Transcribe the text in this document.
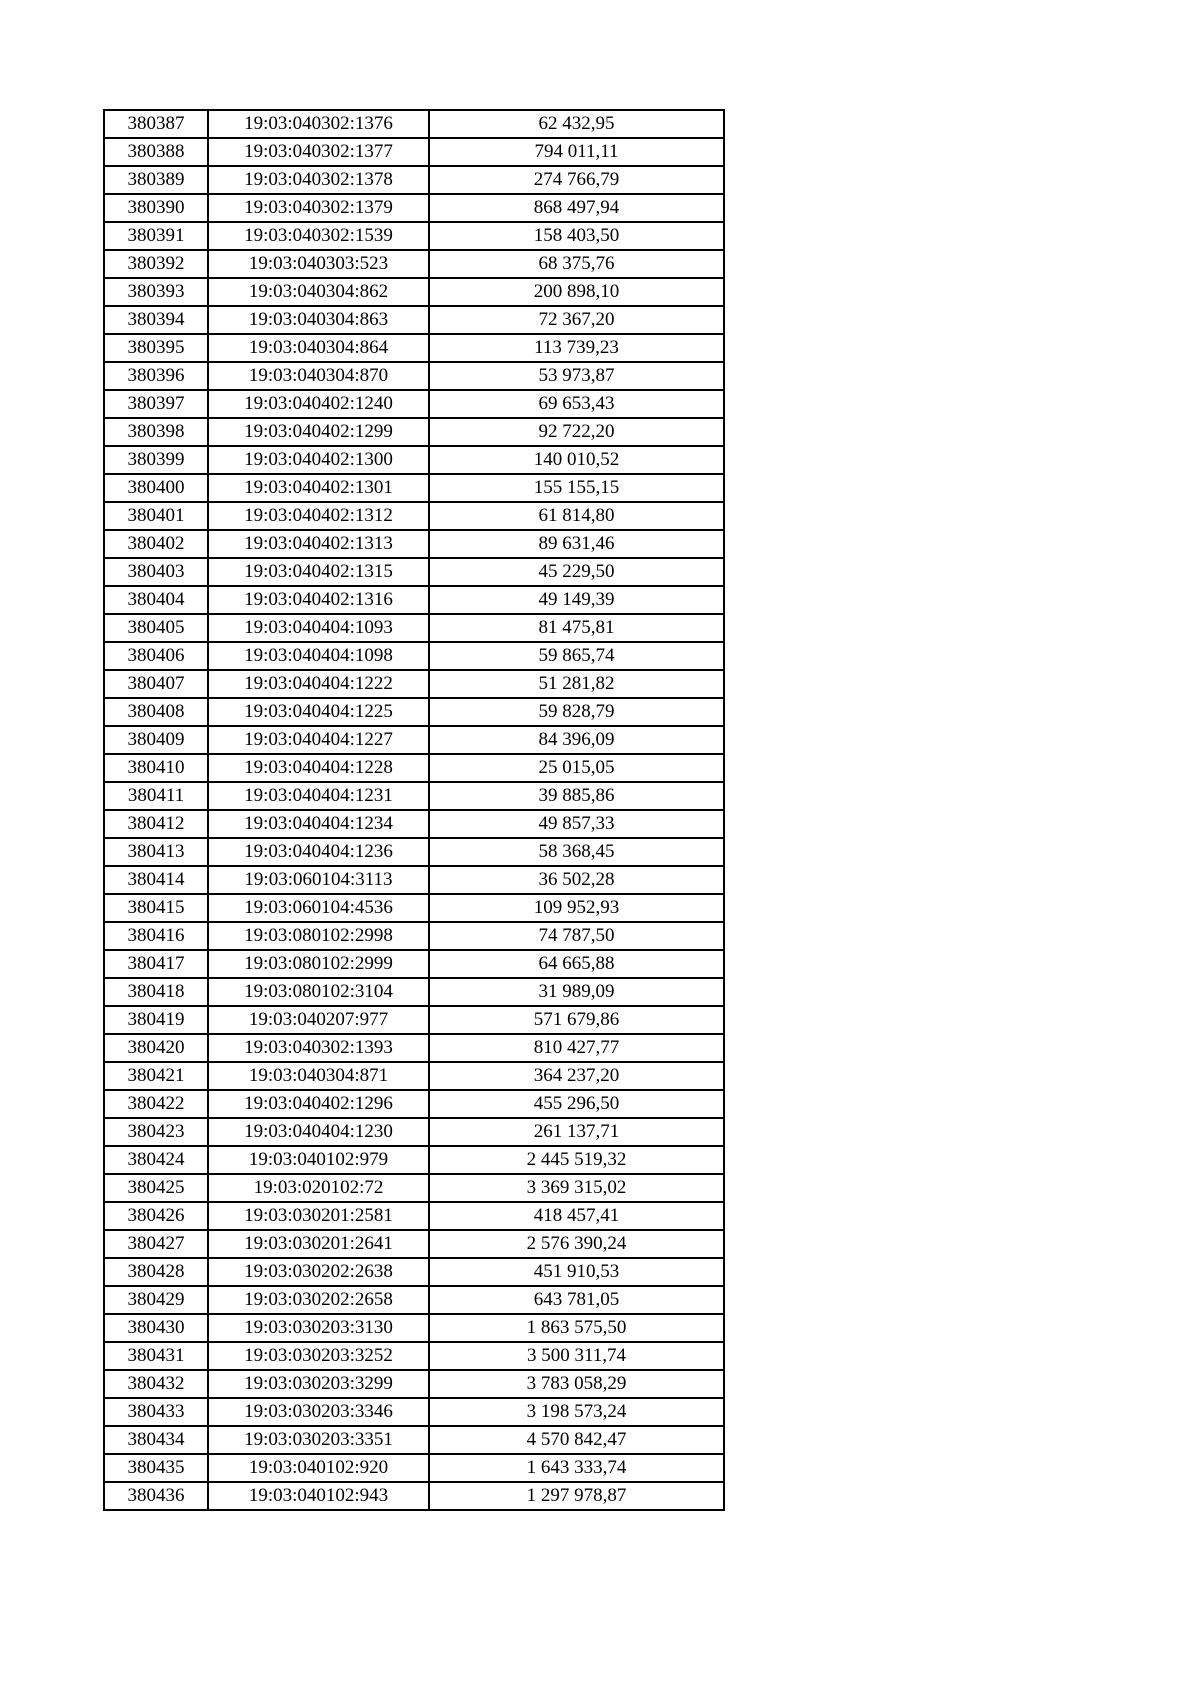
380387	19:03:040302:1376	62 432,95
380388	19:03:040302:1377	794 011,11
380389	19:03:040302:1378	274 766,79
380390	19:03:040302:1379	868 497,94
380391	19:03:040302:1539	158 403,50
380392	19:03:040303:523	68 375,76
380393	19:03:040304:862	200 898,10
380394	19:03:040304:863	72 367,20
380395	19:03:040304:864	113 739,23
380396	19:03:040304:870	53 973,87
380397	19:03:040402:1240	69 653,43
380398	19:03:040402:1299	92 722,20
380399	19:03:040402:1300	140 010,52
380400	19:03:040402:1301	155 155,15
380401	19:03:040402:1312	61 814,80
380402	19:03:040402:1313	89 631,46
380403	19:03:040402:1315	45 229,50
380404	19:03:040402:1316	49 149,39
380405	19:03:040404:1093	81 475,81
380406	19:03:040404:1098	59 865,74
380407	19:03:040404:1222	51 281,82
380408	19:03:040404:1225	59 828,79
380409	19:03:040404:1227	84 396,09
380410	19:03:040404:1228	25 015,05
380411	19:03:040404:1231	39 885,86
380412	19:03:040404:1234	49 857,33
380413	19:03:040404:1236	58 368,45
380414	19:03:060104:3113	36 502,28
380415	19:03:060104:4536	109 952,93
380416	19:03:080102:2998	74 787,50
380417	19:03:080102:2999	64 665,88
380418	19:03:080102:3104	31 989,09
380419	19:03:040207:977	571 679,86
380420	19:03:040302:1393	810 427,77
380421	19:03:040304:871	364 237,20
380422	19:03:040402:1296	455 296,50
380423	19:03:040404:1230	261 137,71
380424	19:03:040102:979	2 445 519,32
380425	19:03:020102:72	3 369 315,02
380426	19:03:030201:2581	418 457,41
380427	19:03:030201:2641	2 576 390,24
380428	19:03:030202:2638	451 910,53
380429	19:03:030202:2658	643 781,05
380430	19:03:030203:3130	1 863 575,50
380431	19:03:030203:3252	3 500 311,74
380432	19:03:030203:3299	3 783 058,29
380433	19:03:030203:3346	3 198 573,24
380434	19:03:030203:3351	4 570 842,47
380435	19:03:040102:920	1 643 333,74
380436	19:03:040102:943	1 297 978,87
